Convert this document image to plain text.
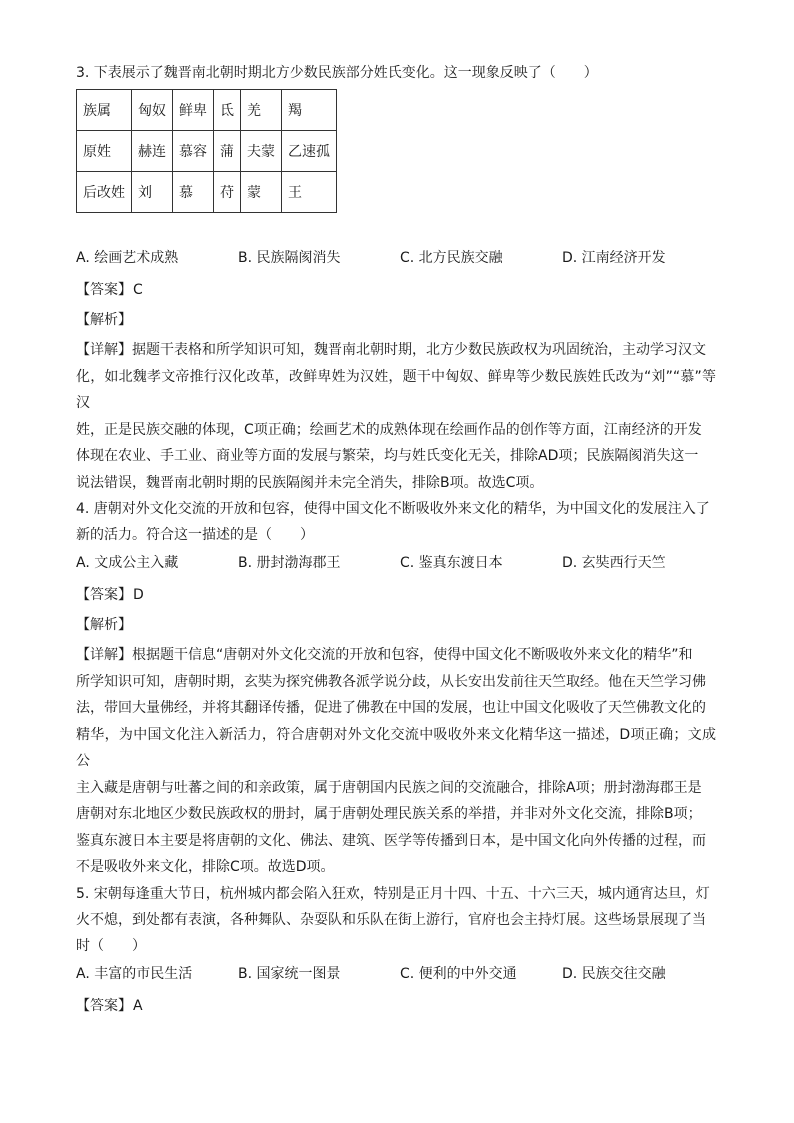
3. 下表展示了魏晋南北朝时期北方少数民族部分姓氏变化。这一现象反映了（　　）

族属	匈奴	鲜卑	氐	羌	羯
原姓	赫连	慕容	蒲	夫蒙	乙速孤
后改姓	刘	慕	苻	蒙	王
A. 绘画艺术成熟	B. 民族隔阂消失	C. 北方民族交融	D. 江南经济开发

【答案】C

【解析】

【详解】据题干表格和所学知识可知，魏晋南北朝时期，北方少数民族政权为巩固统治，主动学习汉文

化，如北魏孝文帝推行汉化改革，改鲜卑姓为汉姓，题干中匈奴、鲜卑等少数民族姓氏改为“刘”“慕”等汉

姓，正是民族交融的体现，C项正确；绘画艺术的成熟体现在绘画作品的创作等方面，江南经济的开发

体现在农业、手工业、商业等方面的发展与繁荣，均与姓氏变化无关，排除AD项；民族隔阂消失这一

说法错误，魏晋南北朝时期的民族隔阂并未完全消失，排除B项。故选C项。

4. 唐朝对外文化交流的开放和包容，使得中国文化不断吸收外来文化的精华，为中国文化的发展注入了

新的活力。符合这一描述的是（　　）

A. 文成公主入藏	B. 册封渤海郡王	C. 鉴真东渡日本	D. 玄奘西行天竺

【答案】D

【解析】

【详解】根据题干信息“唐朝对外文化交流的开放和包容，使得中国文化不断吸收外来文化的精华”和

所学知识可知，唐朝时期，玄奘为探究佛教各派学说分歧，从长安出发前往天竺取经。他在天竺学习佛

法，带回大量佛经，并将其翻译传播，促进了佛教在中国的发展，也让中国文化吸收了天竺佛教文化的

精华，为中国文化注入新活力，符合唐朝对外文化交流中吸收外来文化精华这一描述，D项正确；文成公

主入藏是唐朝与吐蕃之间的和亲政策，属于唐朝国内民族之间的交流融合，排除A项；册封渤海郡王是

唐朝对东北地区少数民族政权的册封，属于唐朝处理民族关系的举措，并非对外文化交流，排除B项；

鉴真东渡日本主要是将唐朝的文化、佛法、建筑、医学等传播到日本，是中国文化向外传播的过程，而

不是吸收外来文化，排除C项。故选D项。

5. 宋朝每逢重大节日，杭州城内都会陷入狂欢，特别是正月十四、十五、十六三天，城内通宵达旦，灯

火不熄，到处都有表演，各种舞队、杂耍队和乐队在街上游行，官府也会主持灯展。这些场景展现了当

时（　　）

A. 丰富的市民生活	B. 国家统一图景	C. 便利的中外交通	D. 民族交往交融

【答案】A
